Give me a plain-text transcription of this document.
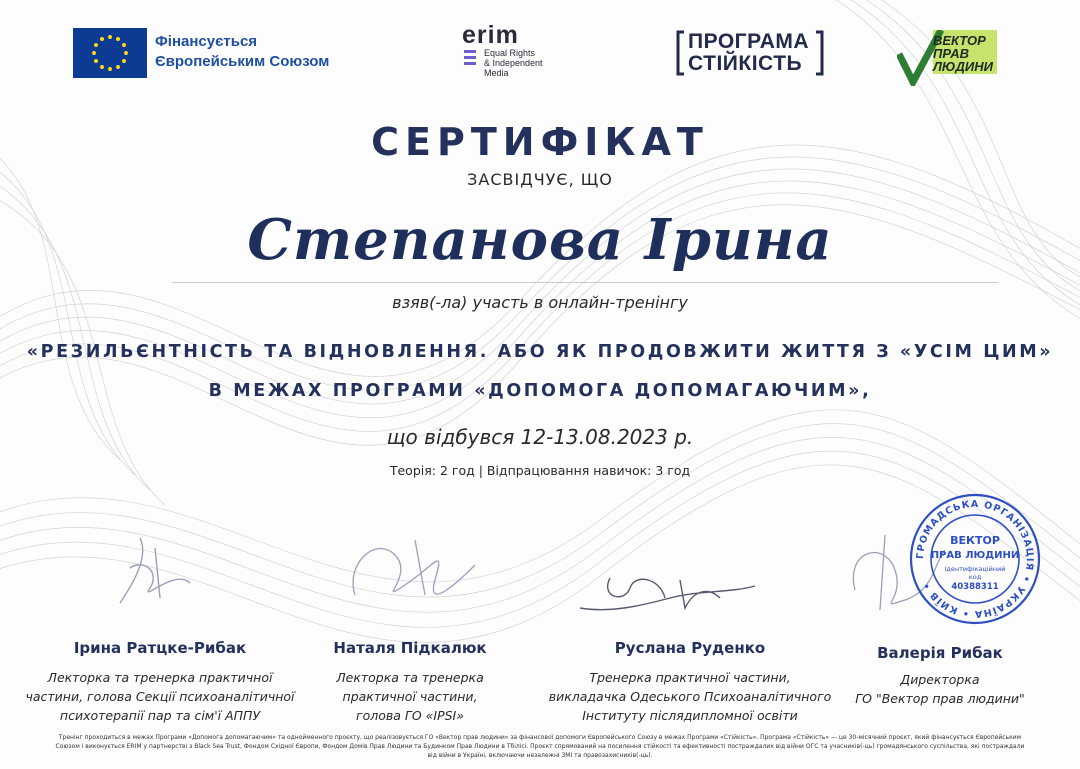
Фінансується
Європейським Союзом
erim
Equal Rights
& Independent
Media
ПРОГРАМА
СТІЙКІСТЬ
ВЕКТОР
ПРАВ
ЛЮДИНИ
СЕРТИФІКАТ
ЗАСВІДЧУЄ, ЩО
Степанова Ірина
взяв(-ла) участь в онлайн-тренінгу
«РЕЗИЛЬЄНТНІСТЬ ТА ВІДНОВЛЕННЯ. АБО ЯК ПРОДОВЖИТИ ЖИТТЯ З «УСІМ ЦИМ»
В МЕЖАХ ПРОГРАМИ «ДОПОМОГА ДОПОМАГАЮЧИМ»,
що відбувся 12-13.08.2023 р.
Теорія: 2 год | Відпрацювання навичок: 3 год
ГРОМАДСЬКА ОРГАНІЗАЦІЯ • УКРАЇНА • КИЇВ •
ВЕКТОР
ПРАВ ЛЮДИНИ
Ідентифікаційний
код
40388311
Ірина Ратцке-Рибак
Лекторка та тренерка практичної
частини, голова Секції психоаналітичної
психотерапії пар та сім'ї АППУ
Наталя Підкалюк
Лекторка та тренерка
практичної частини,
голова ГО «IPSI»
Руслана Руденко
Тренерка практичної частини,
викладачка Одеського Психоаналітичного
Інституту післядипломної освіти
Валерія Рибак
Директорка
ГО "Вектор прав людини"
Тренінг проходиться в межах Програми «Допомога допомагаючим» та однойменного проєкту, що реалізовується ГО «Вектор прав людини» за фінансової допомоги Європейського Союзу в межах Програми «Стійкість». Програма «Стійкість» — це 30-місячний проєкт, який фінансується Європейським
Союзом і виконується ERIM у партнерстві з Black Sea Trust, Фондом Східної Європи, Фондом Домів Прав Людини та Будинком Прав Людини в Тбілісі. Проєкт спрямований на посилення стійкості та ефективності постраждалих від війни ОГС та учасників(-ць) громадянського суспільства, які постраждали
від війни в Україні, включаючи незалежні ЗМІ та правозахисників(-ць).
